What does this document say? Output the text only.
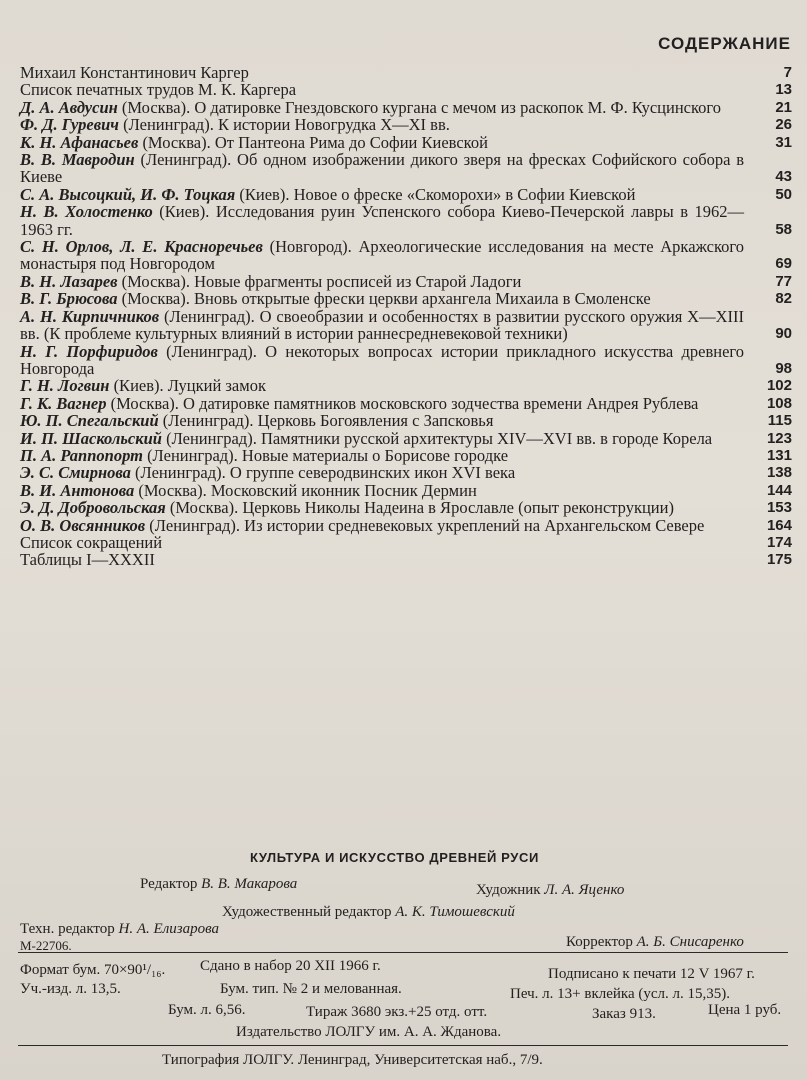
СОДЕРЖАНИЕ
Михаил Константинович Каргер	7
Список печатных трудов М. К. Каргера	13
Д. А. Авдусин (Москва). О датировке Гнездовского кургана с мечом из раскопок М. Ф. Кусцинского	21
Ф. Д. Гуревич (Ленинград). К истории Новогрудка X—XI вв.	26
К. Н. Афанасьев (Москва). От Пантеона Рима до Софии Киевской	31
В. В. Мавродин (Ленинград). Об одном изображении дикого зверя на фресках Софийского собора в Киеве	43
С. А. Высоцкий, И. Ф. Тоцкая (Киев). Новое о фреске «Скоморохи» в Софии Киевской	50
Н. В. Холостенко (Киев). Исследования руин Успенского собора Киево-Печерской лавры в 1962—1963 гг.	58
С. Н. Орлов, Л. Е. Красноречьев (Новгород). Археологические исследования на месте Аркажского монастыря под Новгородом	69
В. Н. Лазарев (Москва). Новые фрагменты росписей из Старой Ладоги	77
В. Г. Брюсова (Москва). Вновь открытые фрески церкви архангела Михаила в Смоленске	82
А. Н. Кирпичников (Ленинград). О своеобразии и особенностях в развитии русского оружия X—XIII вв. (К проблеме культурных влияний в истории раннесредневековой техники)	90
Н. Г. Порфиридов (Ленинград). О некоторых вопросах истории прикладного искусства древнего Новгорода	98
Г. Н. Логвин (Киев). Луцкий замок	102
Г. К. Вагнер (Москва). О датировке памятников московского зодчества времени Андрея Рублева	108
Ю. П. Спегальский (Ленинград). Церковь Богоявления с Запсковья	115
И. П. Шаскольский (Ленинград). Памятники русской архитектуры XIV—XVI вв. в городе Корела	123
П. А. Раппопорт (Ленинград). Новые материалы о Борисове городке	131
Э. С. Смирнова (Ленинград). О группе северодвинских икон XVI века	138
В. И. Антонова (Москва). Московский иконник Посник Дермин	144
Э. Д. Добровольская (Москва). Церковь Николы Надеина в Ярославле (опыт реконструкции)	153
О. В. Овсянников (Ленинград). Из истории средневековых укреплений на Архангельском Севере	164
Список сокращений	174
Таблицы I—XXXII	175
КУЛЬТУРА И ИСКУССТВО ДРЕВНЕЙ РУСИ
Редактор В. В. Макарова	Художник Л. А. Яценко
Художественный редактор А. К. Тимошевский
Техн. редактор Н. А. Елизарова
Корректор А. Б. Снисаренко
М-22706.
Сдано в набор 20 XII 1966 г.
Формат бум. 70×90¹/₁₆.	Подписано к печати 12 V 1967 г.
Бум. тип. № 2 и мелованная.
Уч.-изд. л. 13,5.	Печ. л. 13+ вклейка (усл. л. 15,35).
Бум. л. 6,56.	Тираж 3680 экз.+25 отд. отт.	Заказ 913.	Цена 1 руб.
Издательство ЛОЛГУ им. А. А. Жданова.
Типография ЛОЛГУ. Ленинград, Университетская наб., 7/9.
